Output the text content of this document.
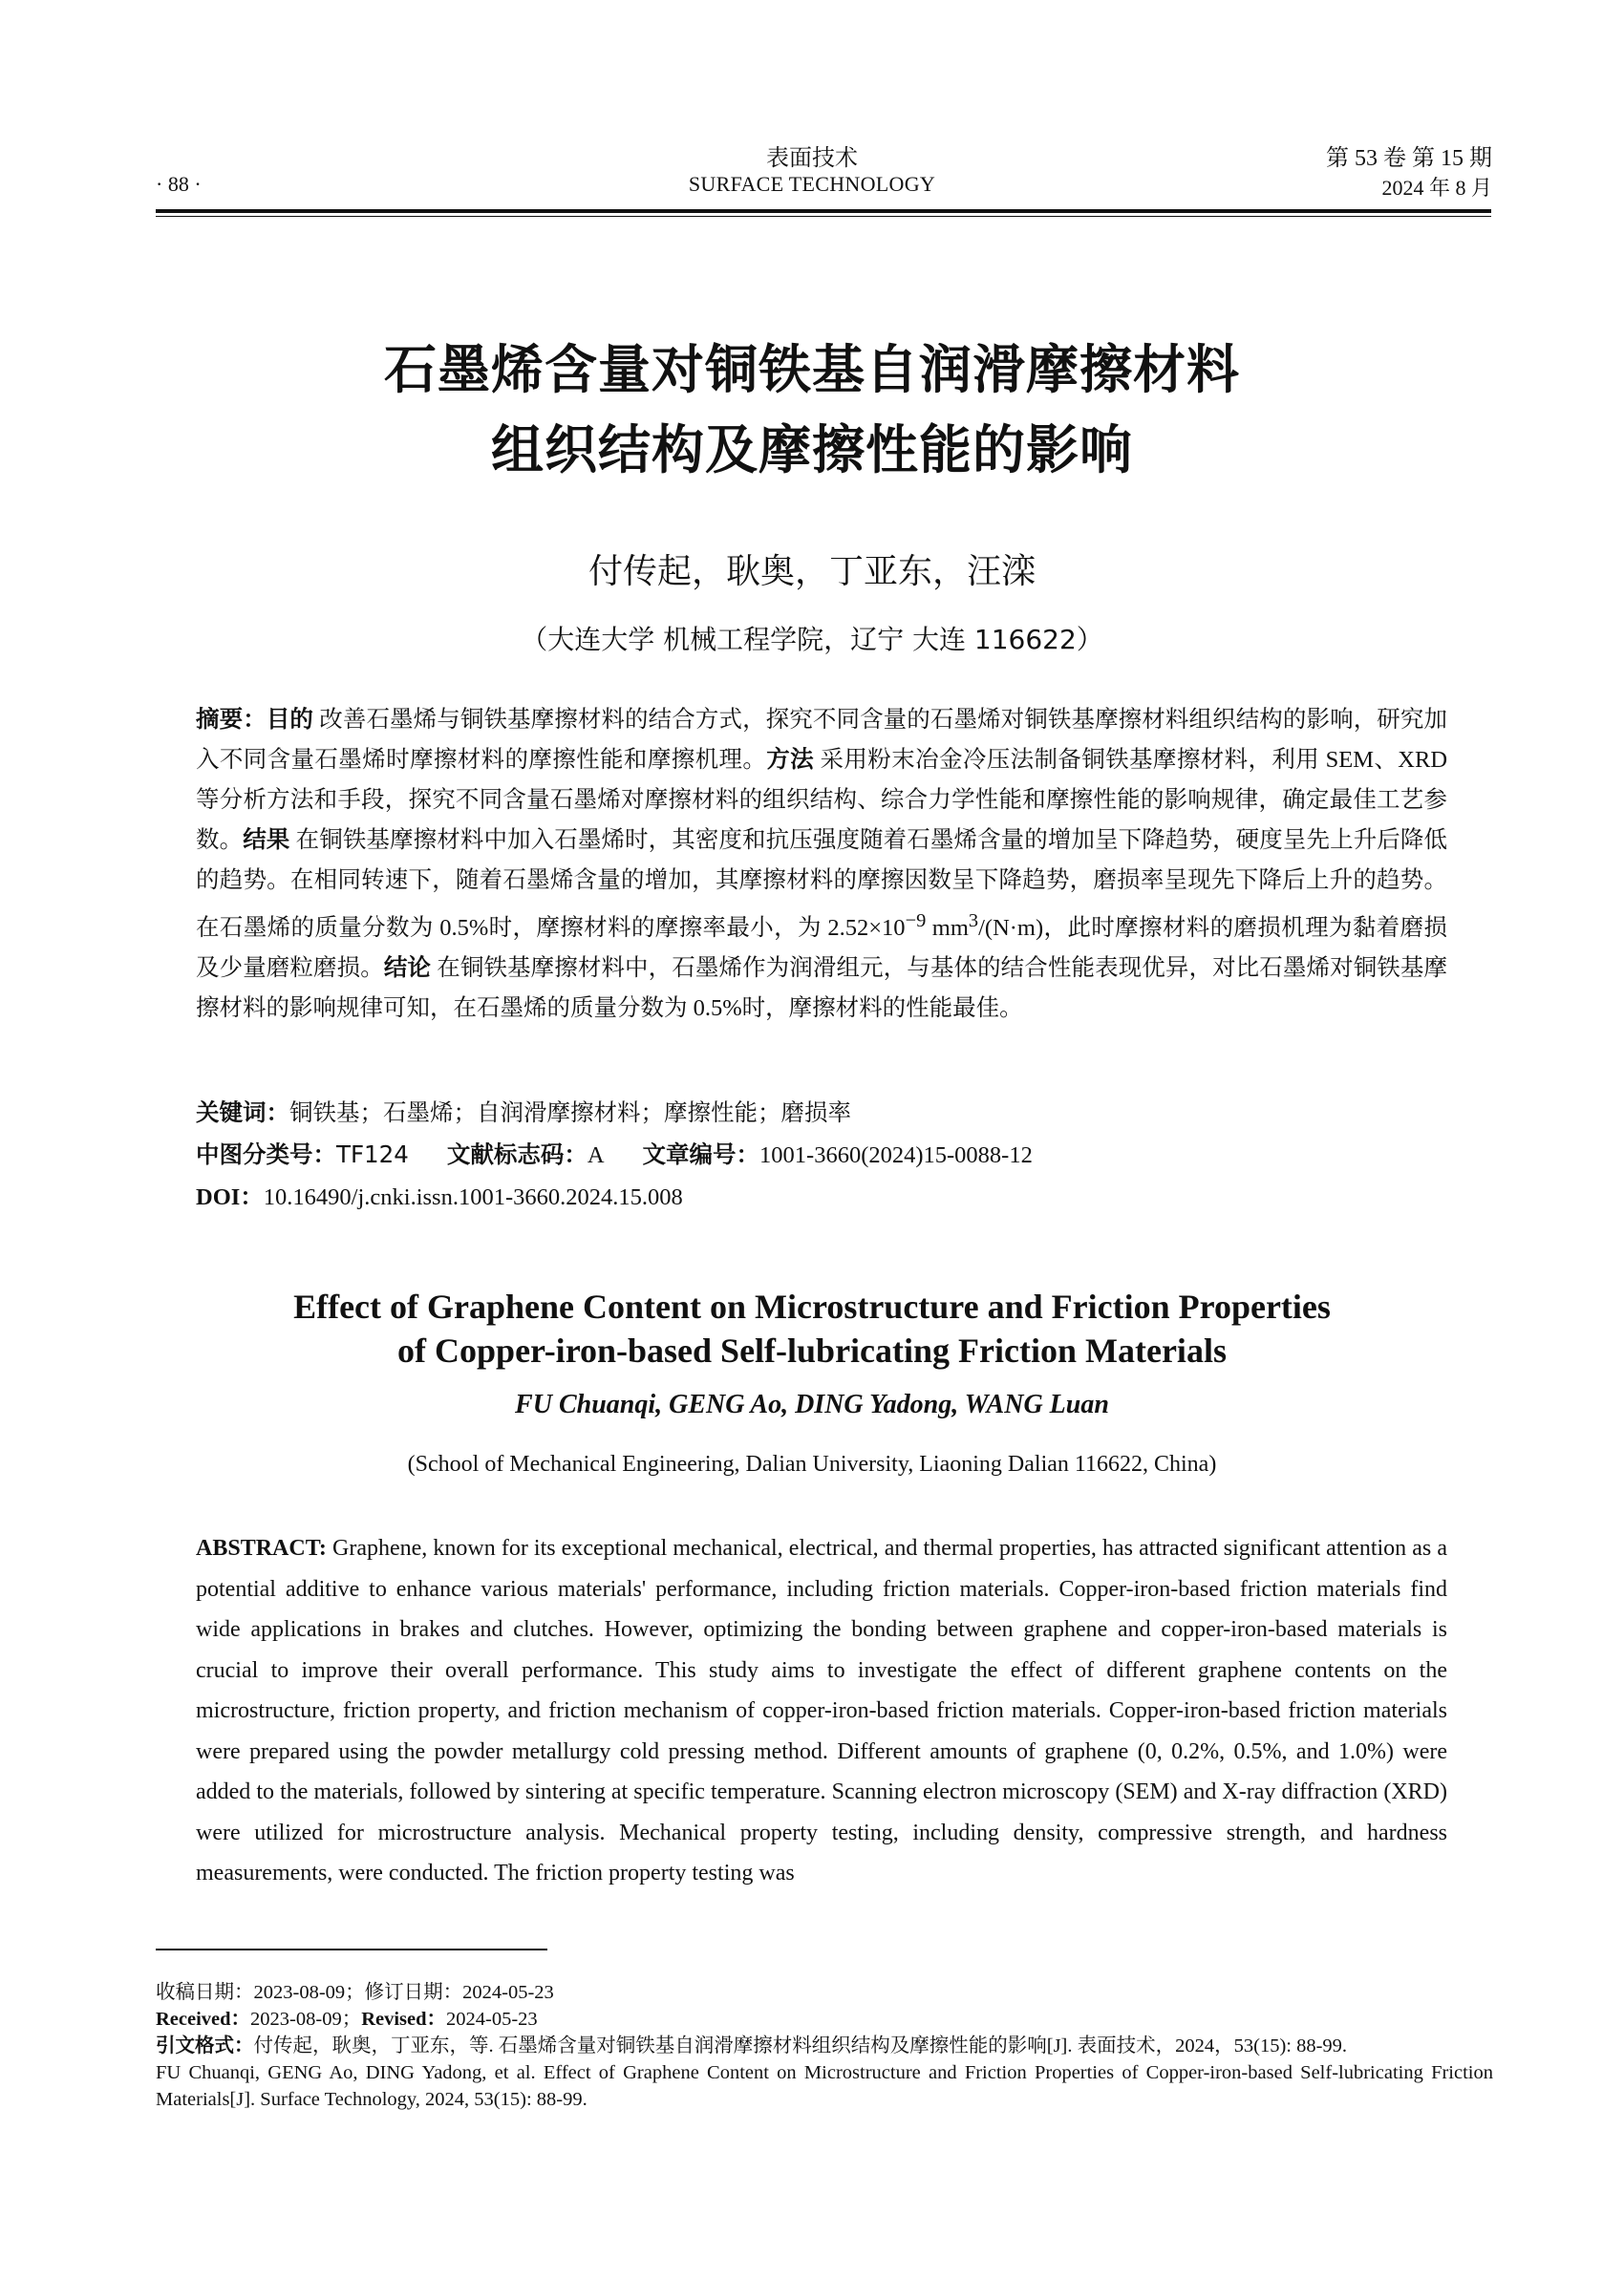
· 88 ·
表面技术
SURFACE TECHNOLOGY
第 53 卷 第 15 期
2024 年 8 月
石墨烯含量对铜铁基自润滑摩擦材料
组织结构及摩擦性能的影响
付传起，耿奥，丁亚东，汪滦
（大连大学 机械工程学院，辽宁 大连 116622）
摘要：目的 改善石墨烯与铜铁基摩擦材料的结合方式，探究不同含量的石墨烯对铜铁基摩擦材料组织结构的影响，研究加入不同含量石墨烯时摩擦材料的摩擦性能和摩擦机理。方法 采用粉末冶金冷压法制备铜铁基摩擦材料，利用 SEM、XRD 等分析方法和手段，探究不同含量石墨烯对摩擦材料的组织结构、综合力学性能和摩擦性能的影响规律，确定最佳工艺参数。结果 在铜铁基摩擦材料中加入石墨烯时，其密度和抗压强度随着石墨烯含量的增加呈下降趋势，硬度呈先上升后降低的趋势。在相同转速下，随着石墨烯含量的增加，其摩擦材料的摩擦因数呈下降趋势，磨损率呈现先下降后上升的趋势。在石墨烯的质量分数为 0.5%时，摩擦材料的摩擦率最小，为 $2.52\times 10^{-9}$ $mm^3/(N\cdot m)$，此时摩擦材料的磨损机理为黏着磨损及少量磨粒磨损。结论 在铜铁基摩擦材料中，石墨烯作为润滑组元，与基体的结合性能表现优异，对比石墨烯对铜铁基摩擦材料的影响规律可知，在石墨烯的质量分数为 0.5%时，摩擦材料的性能最佳。
关键词：铜铁基；石墨烯；自润滑摩擦材料；摩擦性能；磨损率
中图分类号：TF124 文献标志码：A 文章编号：1001-3660(2024)15-0088-12
DOI：10.16490/j.cnki.issn.1001-3660.2024.15.008
Effect of Graphene Content on Microstructure and Friction Properties
of Copper-iron-based Self-lubricating Friction Materials
FU Chuanqi, GENG Ao, DING Yadong, WANG Luan
(School of Mechanical Engineering, Dalian University, Liaoning Dalian 116622, China)
ABSTRACT: Graphene, known for its exceptional mechanical, electrical, and thermal properties, has attracted significant attention as a potential additive to enhance various materials' performance, including friction materials. Copper-iron-based friction materials find wide applications in brakes and clutches. However, optimizing the bonding between graphene and copper-iron-based materials is crucial to improve their overall performance. This study aims to investigate the effect of different graphene contents on the microstructure, friction property, and friction mechanism of copper-iron-based friction materials. Copper-iron-based friction materials were prepared using the powder metallurgy cold pressing method. Different amounts of graphene (0, 0.2%, 0.5%, and 1.0%) were added to the materials, followed by sintering at specific temperature. Scanning electron microscopy (SEM) and X-ray diffraction (XRD) were utilized for microstructure analysis. Mechanical property testing, including density, compressive strength, and hardness measurements, were conducted. The friction property testing was
收稿日期：2023-08-09；修订日期：2024-05-23
Received：2023-08-09；Revised：2024-05-23
引文格式：付传起，耿奥，丁亚东，等. 石墨烯含量对铜铁基自润滑摩擦材料组织结构及摩擦性能的影响[J]. 表面技术，2024，53(15): 88-99.
FU Chuanqi, GENG Ao, DING Yadong, et al. Effect of Graphene Content on Microstructure and Friction Properties of Copper-iron-based Self-lubricating Friction Materials[J]. Surface Technology, 2024, 53(15): 88-99.
